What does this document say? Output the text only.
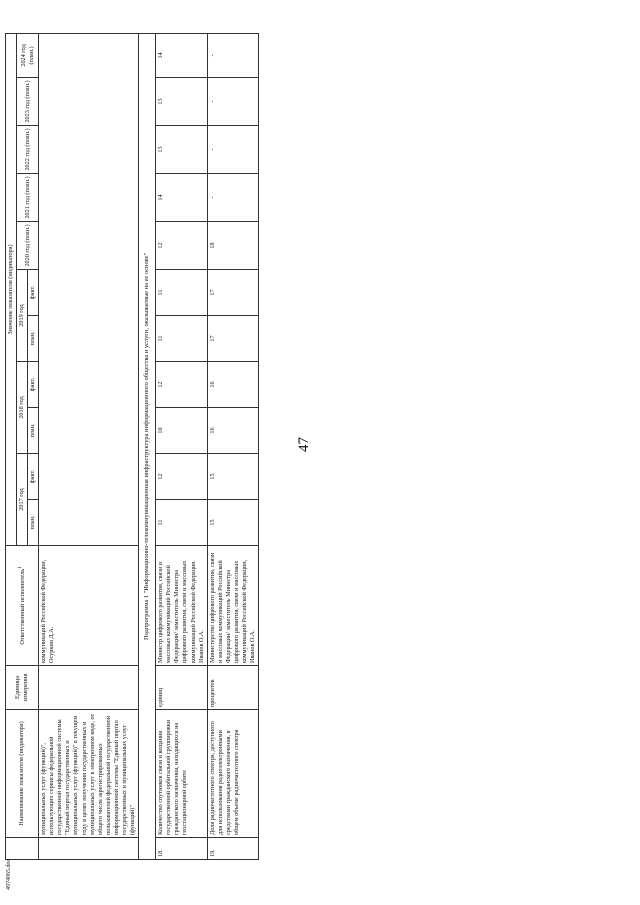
47
4974065.doc
	Наименование показателя (индикатора)	Единица измерения	Ответственный исполнитель$^1$	Значение показателя (индикатора)										
				2017 год		2018 год		2019 год		2020 год (план.)	2021 год (план.)	2022 год (план.)	2023 год (план.)	2024 год (план.)
				план.	факт.	план.	факт.	план.	факт.					
	муниципальных услуг (функций)", использующих сервисы федеральной государственной информационной системы "Единый портал государственных и муниципальных услуг (функций)" в текущем году в целях получения государственных и муниципальных услуг в электронном виде, от общего числа зарегистрированных пользователей федеральной государственной информационной системы "Единый портал государственных и муниципальных услуг (функций)"		коммуникаций Российской Федерации, Осуркин Д.А.											
Подпрограмма 1 "Информационно-телекоммуникационная инфраструктура информационного общества и услуги, оказываемые на ее основе"														
18.	Количество спутников связи и вещания государственной орбитальной группировки гражданского назначения, находящихся на геостационарной орбите	единиц	Министр цифрового развития, связи и массовых коммуникаций Российской Федерации/ заместитель Министра цифрового развития, связи и массовых коммуникаций Российской Федерации Иванов О.А.	11	12	10	12	11	11	12	14	13	13	14
19.	Доля радиочастотного спектра, доступного для использования радиоэлектронными средствами гражданского назначения, в общем объеме радиочастотного спектра	процентов	Министерство цифрового развития, связи и массовых коммуникаций Российской Федерации/ заместитель Министра цифрового развития, связи и массовых коммуникаций Российской Федерации, Иванов О.А.	15	15	16	16	17	17	18	-	-	-	-
